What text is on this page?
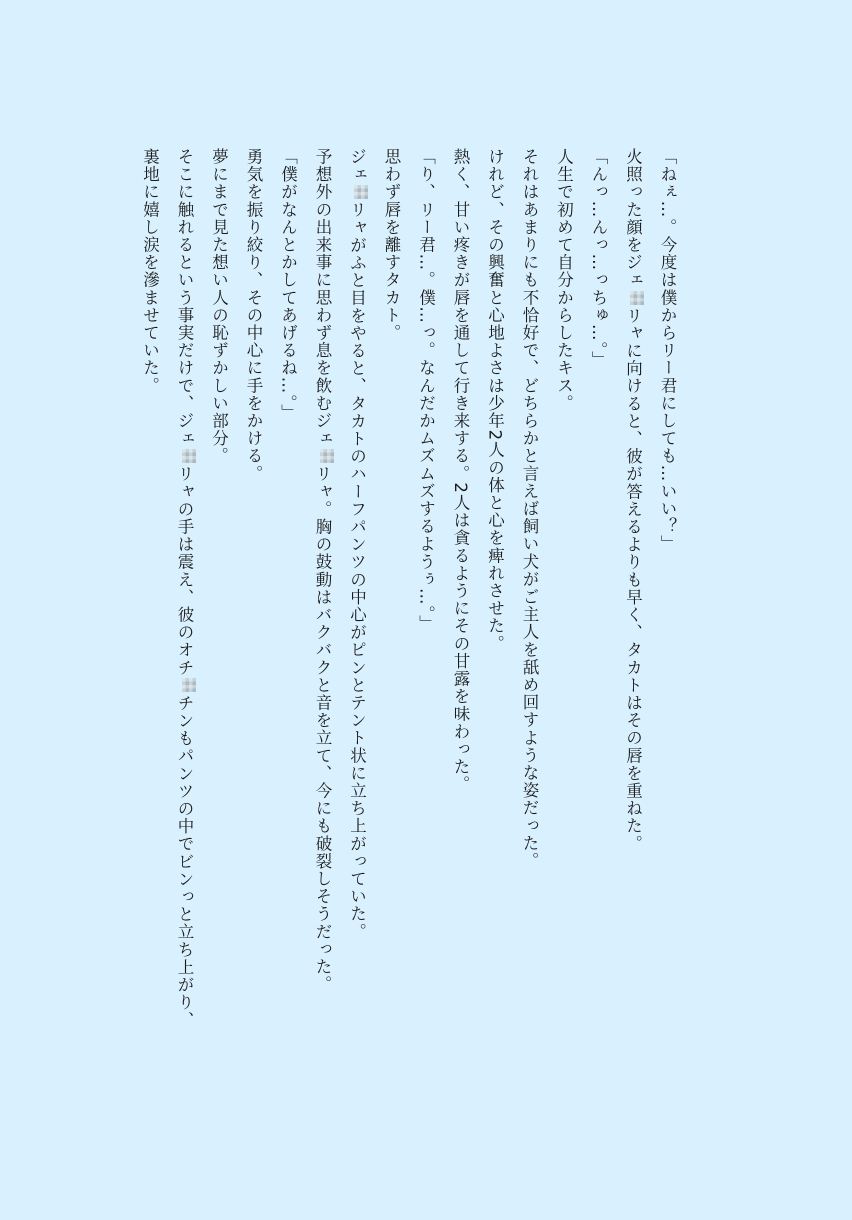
「ねぇ…。今度は僕からリー君にしても…いい？」
火照った顔をジェリャに向けると、彼が答えるよりも早く、タカトはその唇を重ねた。
「んっ…んっ…っちゅ…。」
人生で初めて自分からしたキス。
それはあまりにも不恰好で、どちらかと言えば飼い犬がご主人を舐め回すような姿だった。
けれど、その興奮と心地よさは少年2人の体と心を痺れさせた。
熱く、甘い疼きが唇を通して行き来する。2人は貪るようにその甘露を味わった。
「り、リー君…。僕…っ。なんだかムズムズするようぅ…。」
思わず唇を離すタカト。
ジェリャがふと目をやると、タカトのハーフパンツの中心がピンとテント状に立ち上がっていた。
予想外の出来事に思わず息を飲むジェリャ。胸の鼓動はバクバクと音を立て、今にも破裂しそうだった。
「僕がなんとかしてあげるね…。」
勇気を振り絞り、その中心に手をかける。
夢にまで見た想い人の恥ずかしい部分。
そこに触れるという事実だけで、ジェリャの手は震え、彼のオチチンもパンツの中でビンっと立ち上がり、
裏地に嬉し涙を滲ませていた。
